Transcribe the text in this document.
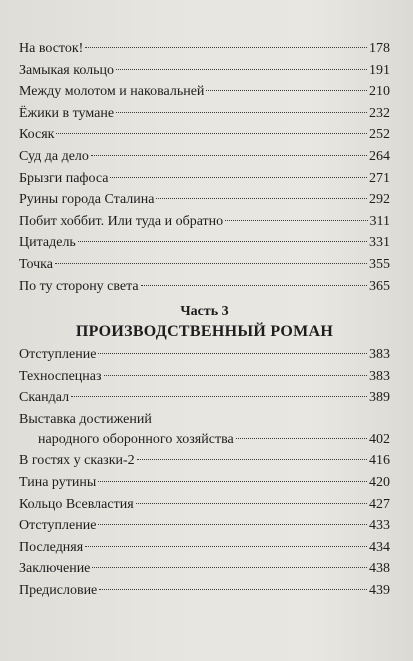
На восток!	178
Замыкая кольцо	191
Между молотом и наковальней	210
Ёжики в тумане	232
Косяк	252
Суд да дело	264
Брызги пафоса	271
Руины города Сталина	292
Побит хоббит. Или туда и обратно	311
Цитадель	331
Точка	355
По ту сторону света	365
Часть 3
ПРОИЗВОДСТВЕННЫЙ РОМАН
Отступление	383
Техноспецназ	383
Скандал	389
Выставка достижений
народного оборонного хозяйства	402
В гостях у сказки-2	416
Тина рутины	420
Кольцо Всевластия	427
Отступление	433
Последняя	434
Заключение	438
Предисловие	439
